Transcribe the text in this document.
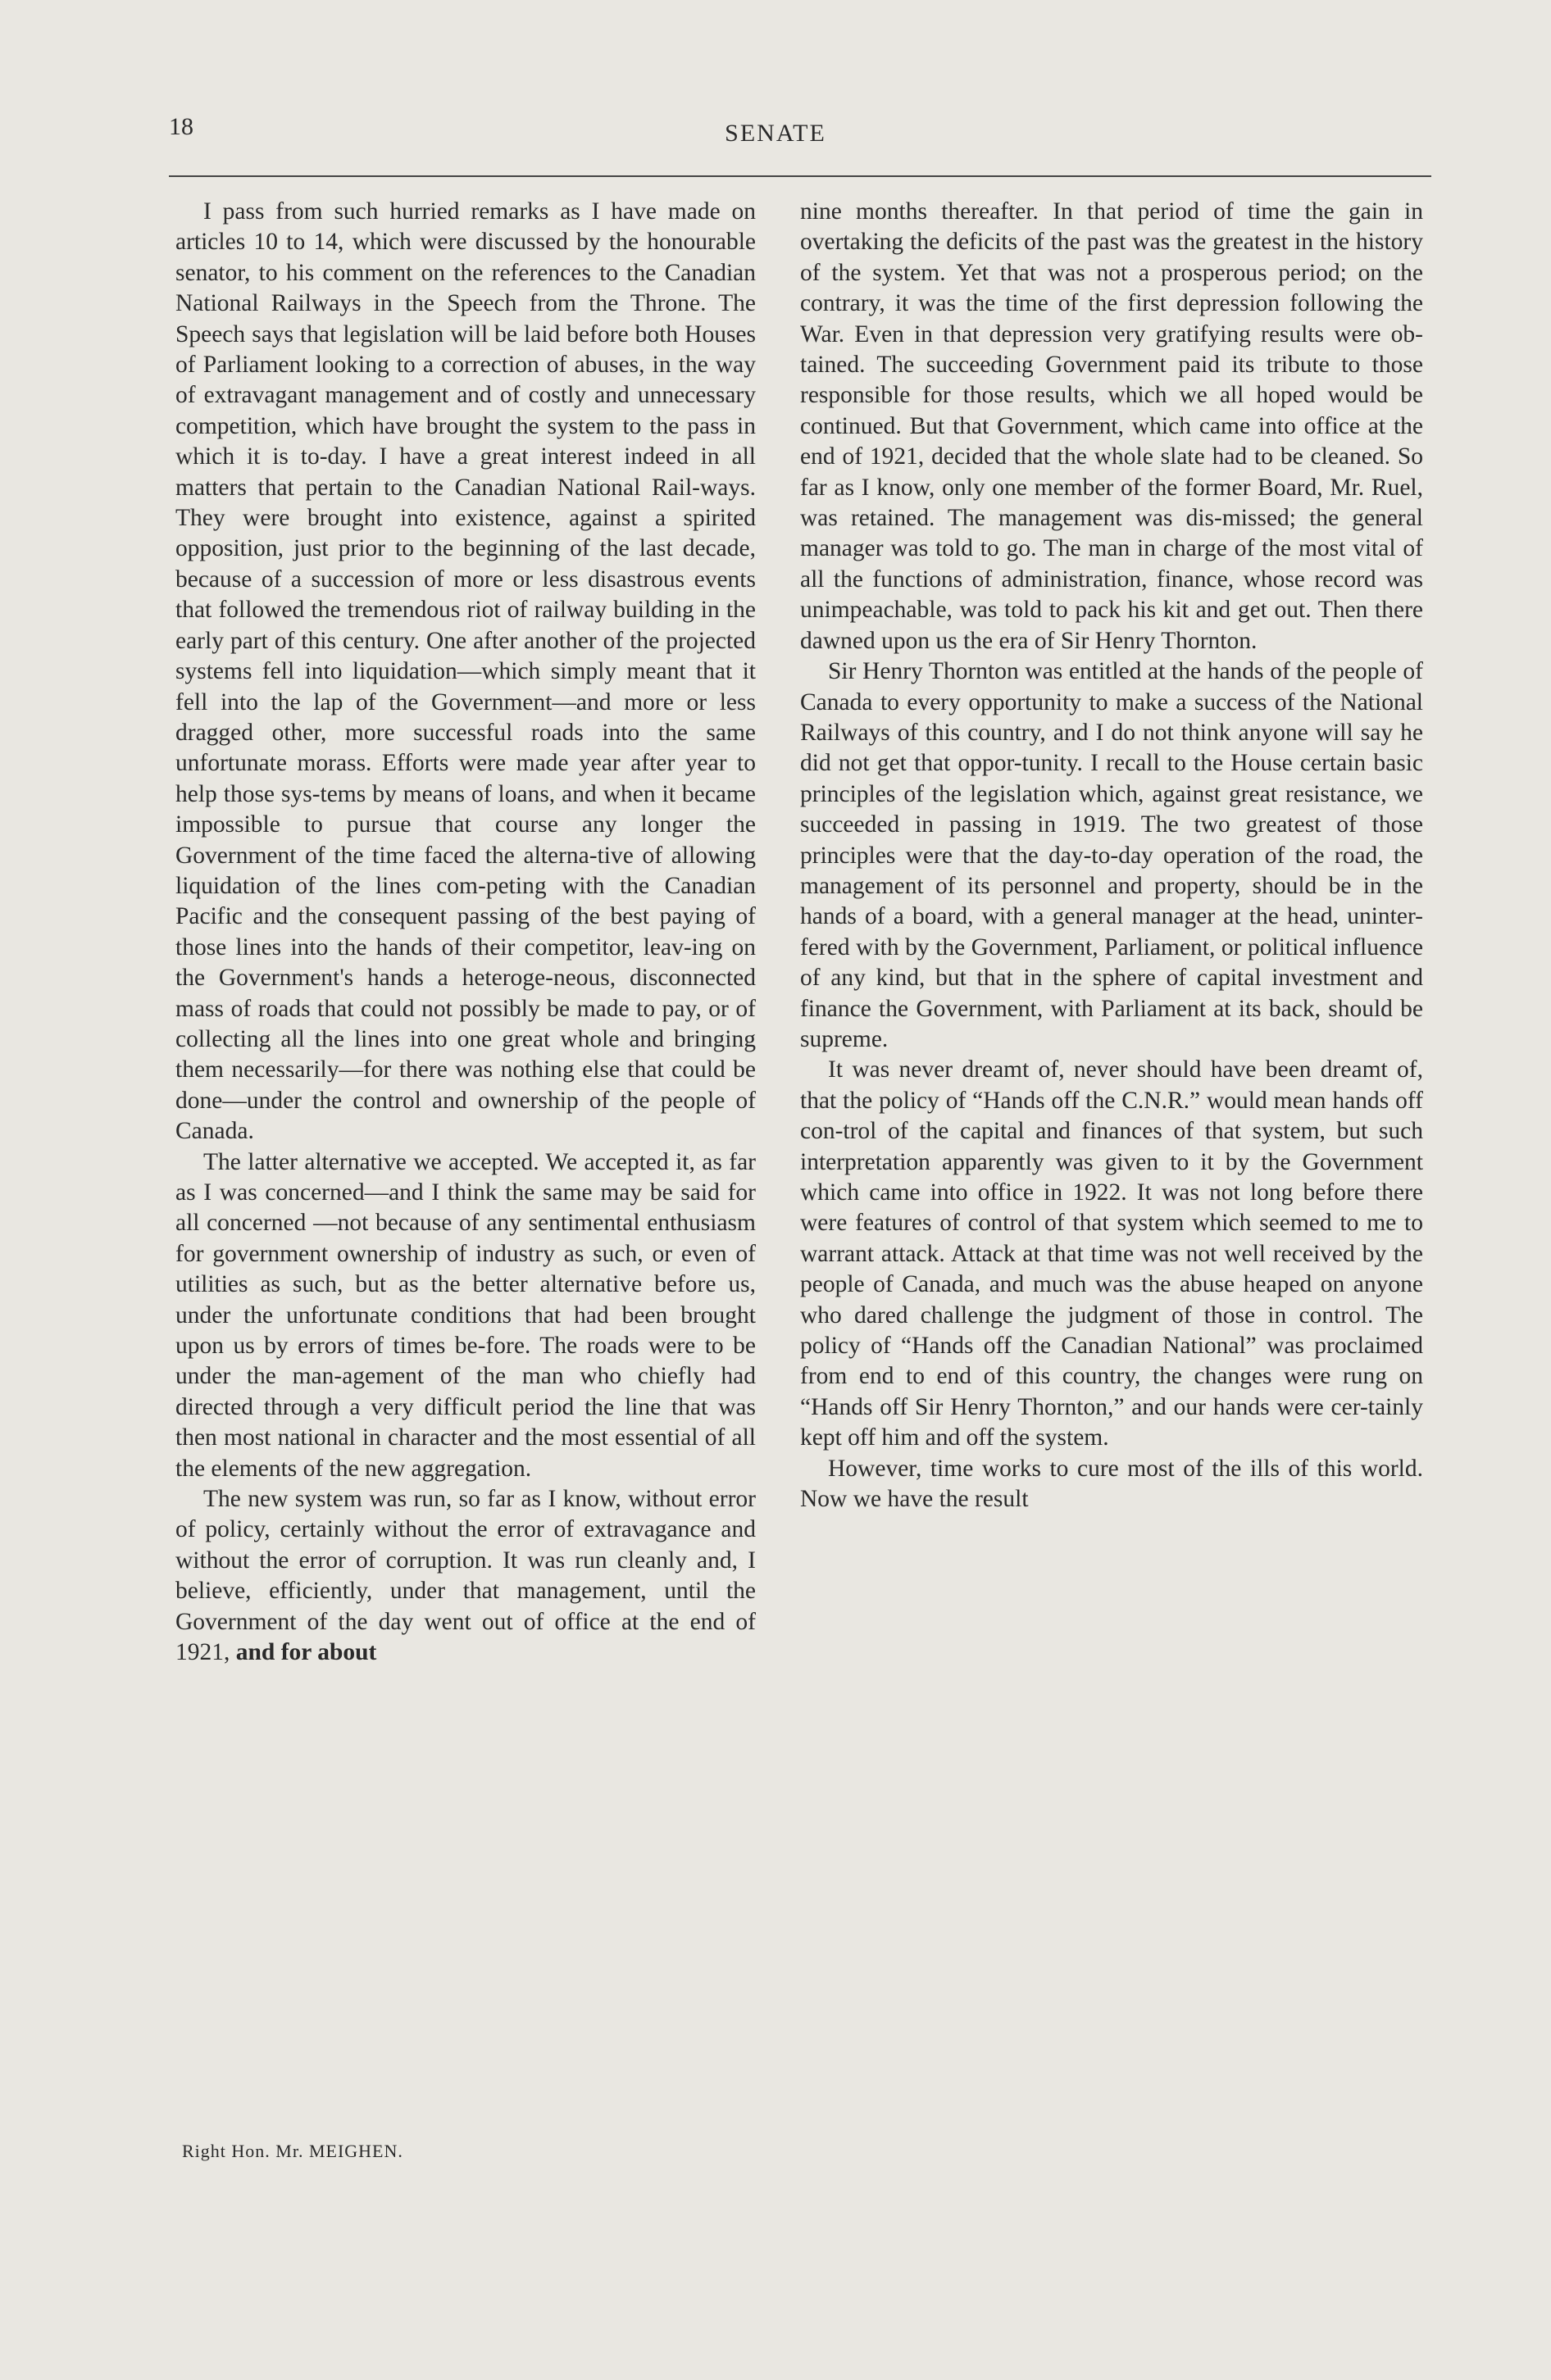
18	SENATE

I pass from such hurried remarks as I have made on articles 10 to 14, which were discussed by the honourable senator, to his comment on the references to the Canadian National Railways in the Speech from the Throne. The Speech says that legislation will be laid before both Houses of Parliament looking to a correction of abuses, in the way of extravagant management and of costly and unnecessary competition, which have brought the system to the pass in which it is to-day. I have a great interest indeed in all matters that pertain to the Canadian National Rail-ways. They were brought into existence, against a spirited opposition, just prior to the beginning of the last decade, because of a succession of more or less disastrous events that followed the tremendous riot of railway building in the early part of this century. One after another of the projected systems fell into liquidation—which simply meant that it fell into the lap of the Government—and more or less dragged other, more successful roads into the same unfortunate morass. Efforts were made year after year to help those sys-tems by means of loans, and when it became impossible to pursue that course any longer the Government of the time faced the alterna-tive of allowing liquidation of the lines com-peting with the Canadian Pacific and the consequent passing of the best paying of those lines into the hands of their competitor, leav-ing on the Government's hands a heteroge-neous, disconnected mass of roads that could not possibly be made to pay, or of collecting all the lines into one great whole and bringing them necessarily—for there was nothing else that could be done—under the control and ownership of the people of Canada.

The latter alternative we accepted. We accepted it, as far as I was concerned—and I think the same may be said for all concerned —not because of any sentimental enthusiasm for government ownership of industry as such, or even of utilities as such, but as the better alternative before us, under the unfortunate conditions that had been brought upon us by errors of times be-fore. The roads were to be under the man-agement of the man who chiefly had directed through a very difficult period the line that was then most national in character and the most essential of all the elements of the new aggregation.

The new system was run, so far as I know, without error of policy, certainly without the error of extravagance and without the error of corruption. It was run cleanly and, I believe, efficiently, under that management, until the Government of the day went out of office at the end of 1921, and for about

nine months thereafter. In that period of time the gain in overtaking the deficits of the past was the greatest in the history of the system. Yet that was not a prosperous period; on the contrary, it was the time of the first depression following the War. Even in that depression very gratifying results were ob-tained. The succeeding Government paid its tribute to those responsible for those results, which we all hoped would be continued. But that Government, which came into office at the end of 1921, decided that the whole slate had to be cleaned. So far as I know, only one member of the former Board, Mr. Ruel, was retained. The management was dis-missed; the general manager was told to go. The man in charge of the most vital of all the functions of administration, finance, whose record was unimpeachable, was told to pack his kit and get out. Then there dawned upon us the era of Sir Henry Thornton.

Sir Henry Thornton was entitled at the hands of the people of Canada to every opportunity to make a success of the National Railways of this country, and I do not think anyone will say he did not get that oppor-tunity. I recall to the House certain basic principles of the legislation which, against great resistance, we succeeded in passing in 1919. The two greatest of those principles were that the day-to-day operation of the road, the management of its personnel and property, should be in the hands of a board, with a general manager at the head, uninter-fered with by the Government, Parliament, or political influence of any kind, but that in the sphere of capital investment and finance the Government, with Parliament at its back, should be supreme.

It was never dreamt of, never should have been dreamt of, that the policy of “Hands off the C.N.R.” would mean hands off con-trol of the capital and finances of that system, but such interpretation apparently was given to it by the Government which came into office in 1922. It was not long before there were features of control of that system which seemed to me to warrant attack. Attack at that time was not well received by the people of Canada, and much was the abuse heaped on anyone who dared challenge the judgment of those in control. The policy of “Hands off the Canadian National” was proclaimed from end to end of this country, the changes were rung on “Hands off Sir Henry Thornton,” and our hands were cer-tainly kept off him and off the system.

However, time works to cure most of the ills of this world. Now we have the result

Right Hon. Mr. MEIGHEN.
